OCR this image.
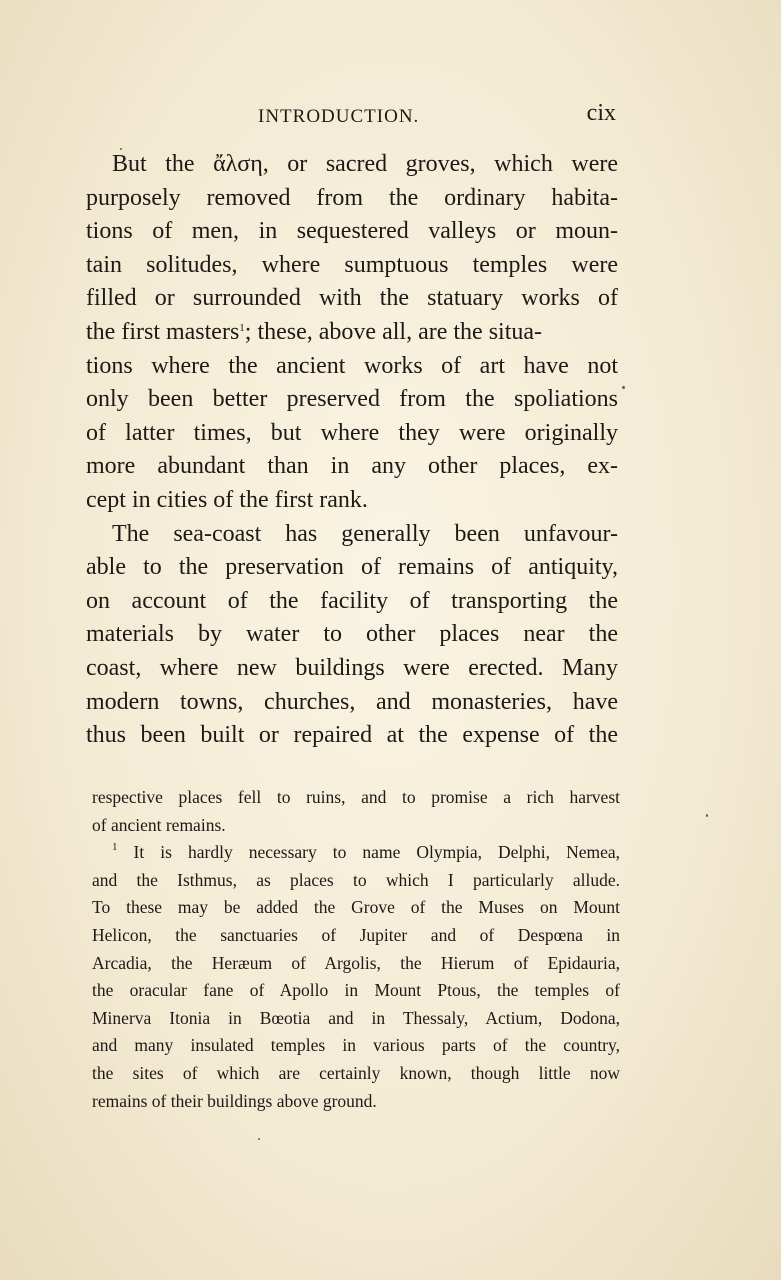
INTRODUCTION.	cix
But the ἄλση, or sacred groves, which were
purposely removed from the ordinary habita-
tions of men, in sequestered valleys or moun-
tain solitudes, where sumptuous temples were
filled or surrounded with the statuary works of
the first masters$^1$; these, above all, are the situa-
tions where the ancient works of art have not
only been better preserved from the spoliations
of latter times, but where they were originally
more abundant than in any other places, ex-
cept in cities of the first rank.
The sea-coast has generally been unfavour-
able to the preservation of remains of antiquity,
on account of the facility of transporting the
materials by water to other places near the
coast, where new buildings were erected. Many
modern towns, churches, and monasteries, have
thus been built or repaired at the expense of the
respective places fell to ruins, and to promise a rich harvest
of ancient remains.
$^1$ It is hardly necessary to name Olympia, Delphi, Nemea,
and the Isthmus, as places to which I particularly allude.
To these may be added the Grove of the Muses on Mount
Helicon, the sanctuaries of Jupiter and of Despœna in
Arcadia, the Heræum of Argolis, the Hierum of Epidauria,
the oracular fane of Apollo in Mount Ptous, the temples of
Minerva Itonia in Bœotia and in Thessaly, Actium, Dodona,
and many insulated temples in various parts of the country,
the sites of which are certainly known, though little now
remains of their buildings above ground.
